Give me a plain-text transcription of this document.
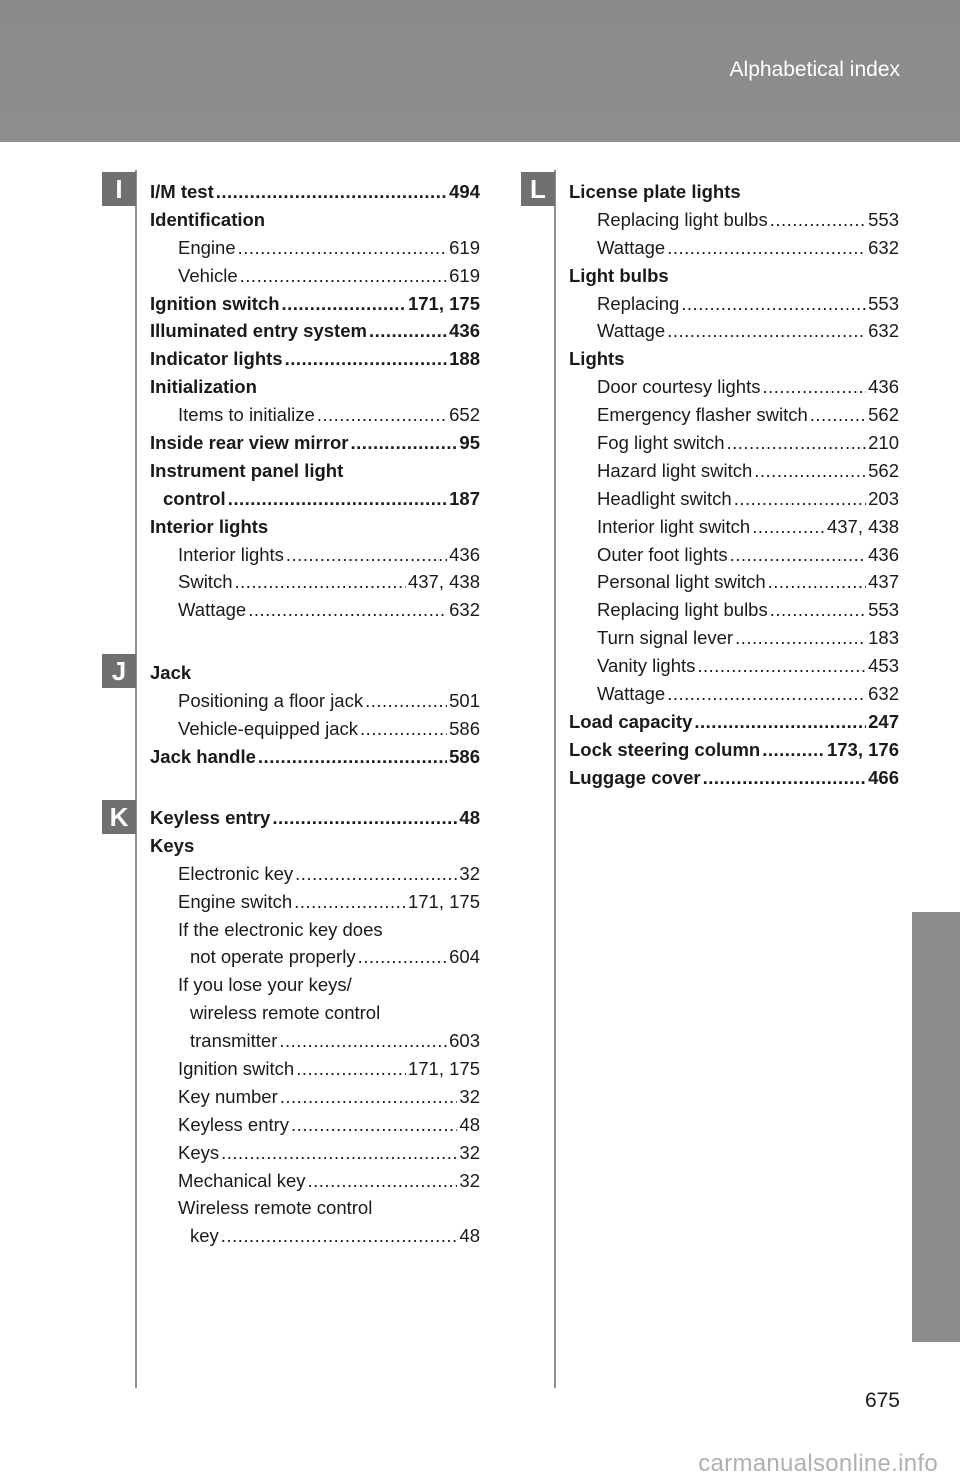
Alphabetical index
I
J
K
L
I/M test .....	494
Identification
Engine .....	619
Vehicle .....	619
Ignition switch .....	171, 175
Illuminated entry system .....	436
Indicator lights .....	188
Initialization
Items to initialize .....	652
Inside rear view mirror .....	95
Instrument panel light
control .....	187
Interior lights
Interior lights .....	436
Switch .....	437, 438
Wattage .....	632
Jack
Positioning a floor jack .....	501
Vehicle-equipped jack .....	586
Jack handle .....	586
Keyless entry .....	48
Keys
Electronic key .....	32
Engine switch .....	171, 175
If the electronic key does
not operate properly .....	604
If you lose your keys/
wireless remote control
transmitter .....	603
Ignition switch .....	171, 175
Key number .....	32
Keyless entry .....	48
Keys .....	32
Mechanical key .....	32
Wireless remote control
key .....	48
License plate lights
Replacing light bulbs .....	553
Wattage .....	632
Light bulbs
Replacing .....	553
Wattage .....	632
Lights
Door courtesy lights .....	436
Emergency flasher switch .....	562
Fog light switch .....	210
Hazard light switch .....	562
Headlight switch .....	203
Interior light switch .....	437, 438
Outer foot lights .....	436
Personal light switch .....	437
Replacing light bulbs .....	553
Turn signal lever .....	183
Vanity lights .....	453
Wattage .....	632
Load capacity .....	247
Lock steering column .....	173, 176
Luggage cover .....	466
675
carmanualsonline.info
